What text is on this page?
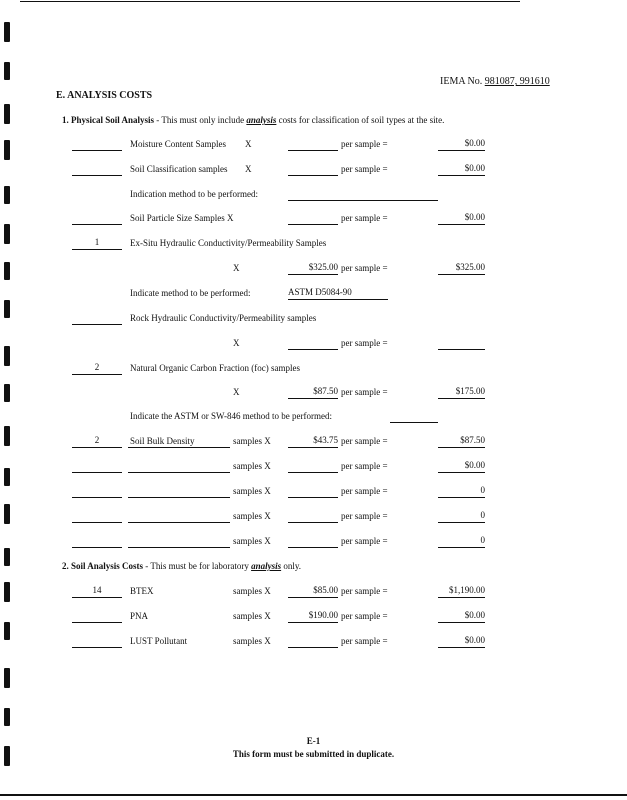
IEMA No. 981087, 991610
E. ANALYSIS COSTS
1. Physical Soil Analysis - This must only include analysis costs for classification of soil types at the site.
Moisture Content Samples X	per sample =	$0.00
Soil Classification samples X	per sample =	$0.00
Indication method to be performed:
Soil Particle Size Samples X	per sample =	$0.00
1	Ex-Situ Hydraulic Conductivity/Permeability Samples
X	$325.00 per sample =	$325.00
Indicate method to be performed:	ASTM D5084-90
Rock Hydraulic Conductivity/Permeability samples
X	per sample =
2	Natural Organic Carbon Fraction (foc) samples
X	$87.50 per sample =	$175.00
Indicate the ASTM or SW-846 method to be performed:
2	Soil Bulk Density	samples X	$43.75 per sample =	$87.50
samples X	per sample =	$0.00
samples X	per sample =	0
samples X	per sample =	0
samples X	per sample =	0
2. Soil Analysis Costs - This must be for laboratory analysis only.
14	BTEX	samples X	$85.00 per sample =	$1,190.00
PNA	samples X	$190.00 per sample =	$0.00
LUST Pollutant	samples X	per sample =	$0.00
E-1
This form must be submitted in duplicate.
